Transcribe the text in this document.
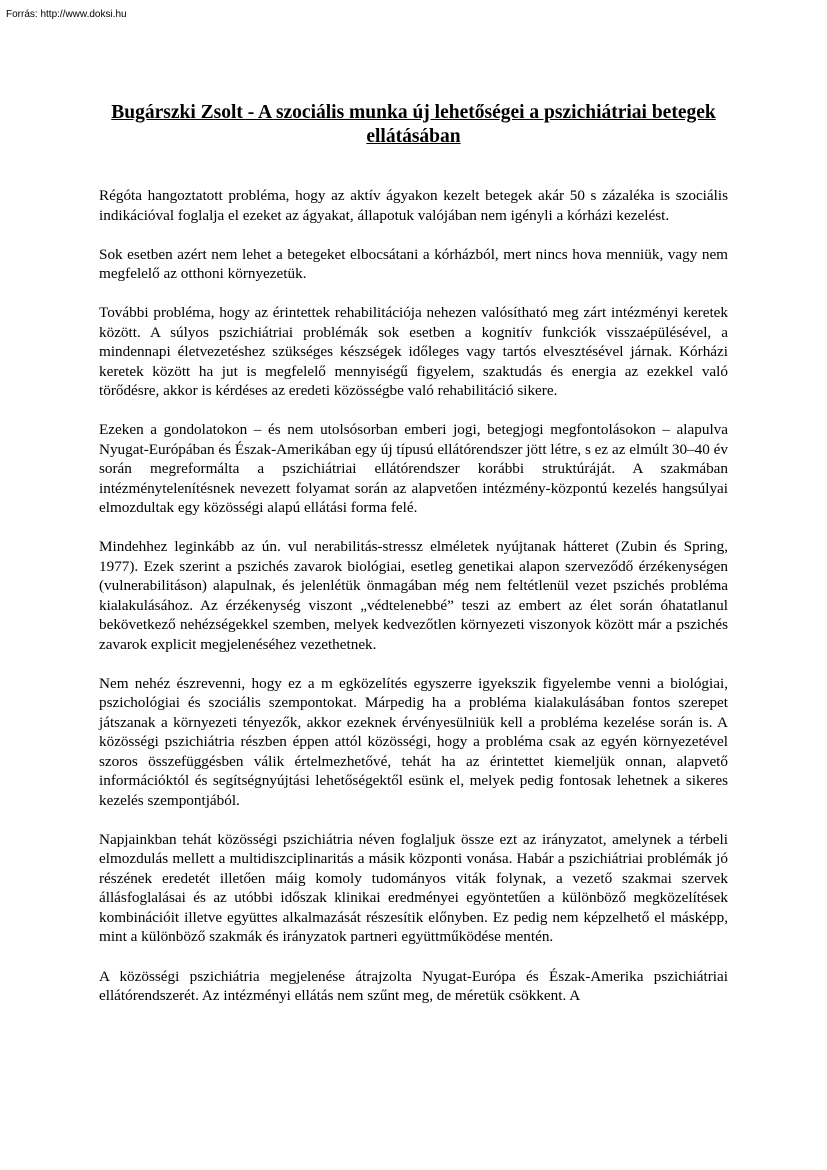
Forrás: http://www.doksi.hu
Bugárszki Zsolt - A szociális munka új lehetőségei a pszichiátriai betegek ellátásában

Régóta hangoztatott probléma, hogy az aktív ágyakon kezelt betegek akár 50 s zázaléka is szociális indikációval foglalja el ezeket az ágyakat, állapotuk valójában nem igényli a kórházi kezelést.

Sok esetben azért nem lehet a betegeket elbocsátani a kórházból, mert nincs hova menniük, vagy nem megfelelő az otthoni környezetük.

További probléma, hogy az érintettek rehabilitációja nehezen valósítható meg zárt intézményi keretek között. A súlyos pszichiátriai problémák sok esetben a kognitív funkciók visszaépülésével, a mindennapi életvezetéshez szükséges készségek időleges vagy tartós elvesztésével járnak. Kórházi keretek között ha jut is megfelelő mennyiségű figyelem, szaktudás és energia az ezekkel való törődésre, akkor is kérdéses az eredeti közösségbe való rehabilitáció sikere.

Ezeken a gondolatokon – és nem utolsósorban emberi jogi, betegjogi megfontolásokon – alapulva Nyugat-Európában és Észak-Amerikában egy új típusú ellátórendszer jött létre, s ez az elmúlt 30–40 év során megreformálta a pszichiátriai ellátórendszer korábbi struktúráját. A szakmában intézménytelenítésnek nevezett folyamat során az alapvetően intézmény-központú kezelés hangsúlyai elmozdultak egy közösségi alapú ellátási forma felé.

Mindehhez leginkább az ún. vul nerabilitás-stressz elméletek nyújtanak hátteret (Zubin és Spring, 1977). Ezek szerint a pszichés zavarok biológiai, esetleg genetikai alapon szerveződő érzékenységen (vulnerabilitáson) alapulnak, és jelenlétük önmagában még nem feltétlenül vezet pszichés probléma kialakulásához. Az érzékenység viszont „védtelenebbé” teszi az embert az élet során óhatatlanul bekövetkező nehézségekkel szemben, melyek kedvezőtlen környezeti viszonyok között már a pszichés zavarok explicit megjelenéséhez vezethetnek.

Nem nehéz észrevenni, hogy ez a m egközelítés egyszerre igyekszik figyelembe venni a biológiai, pszichológiai és szociális szempontokat. Márpedig ha a probléma kialakulásában fontos szerepet játszanak a környezeti tényezők, akkor ezeknek érvényesülniük kell a probléma kezelése során is. A közösségi pszichiátria részben éppen attól közösségi, hogy a probléma csak az egyén környezetével szoros összefüggésben válik értelmezhetővé, tehát ha az érintettet kiemeljük onnan, alapvető információktól és segítségnyújtási lehetőségektől esünk el, melyek pedig fontosak lehetnek a sikeres kezelés szempontjából.

Napjainkban tehát közösségi pszichiátria néven foglaljuk össze ezt az irányzatot, amelynek a térbeli elmozdulás mellett a multidiszciplinaritás a másik központi vonása. Habár a pszichiátriai problémák jó részének eredetét illetően máig komoly tudományos viták folynak, a vezető szakmai szervek állásfoglalásai és az utóbbi időszak klinikai eredményei egyöntetűen a különböző megközelítések kombinációit illetve együttes alkalmazását részesítik előnyben. Ez pedig nem képzelhető el másképp, mint a különböző szakmák és irányzatok partneri együttműködése mentén.

A közösségi pszichiátria megjelenése átrajzolta Nyugat-Európa és Észak-Amerika pszichiátriai ellátórendszerét. Az intézményi ellátás nem szűnt meg, de méretük csökkent. A
